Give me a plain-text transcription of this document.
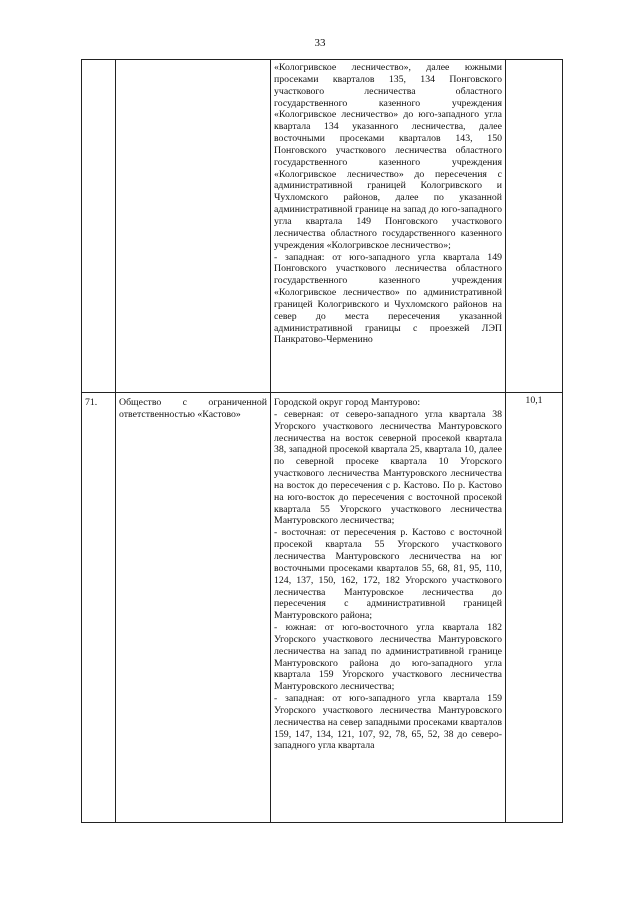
33

		«Кологривское лесничество», далее южными просеками кварталов 135, 134 Понговского участкового лесничества областного государственного казенного учреждения «Кологривское лесничество» до юго-западного угла квартала 134 указанного лесничества, далее восточными просеками кварталов 143, 150 Понговского участкового лесничества областного государственного казенного учреждения «Кологривское лесничество» до пересечения с административной границей Кологривского и Чухломского районов, далее по указанной административной границе на запад до юго-западного угла квартала 149 Понговского участкового лесничества областного государственного казенного учреждения «Кологривское лесничество»;

- западная: от юго-западного угла квартала 149 Понговского участкового лесничества областного государственного казенного учреждения «Кологривское лесничество» по административной границей Кологривского и Чухломского районов на север до места пересечения указанной административной границы с проезжей ЛЭП Панкратово-Черменино	

71.	Общество с ограниченной ответственностью «Кастово»	Городской округ город Мантурово:

- северная: от северо-западного угла квартала 38 Угорского участкового лесничества Мантуровского лесничества на восток северной просекой квартала 38, западной просекой квартала 25, квартала 10, далее по северной просеке квартала 10 Угорского участкового лесничества Мантуровского лесничества на восток до пересечения с р. Кастово. По р. Кастово на юго-восток до пересечения с восточной просекой квартала 55 Угорского участкового лесничества Мантуровского лесничества;

- восточная: от пересечения р. Кастово с восточной просекой квартала 55 Угорского участкового лесничества Мантуровского лесничества на юг восточными просеками кварталов 55, 68, 81, 95, 110, 124, 137, 150, 162, 172, 182 Угорского участкового лесничества Мантуровское лесничества до пересечения с административной границей Мантуровского района;

- южная: от юго-восточного угла квартала 182 Угорского участкового лесничества Мантуровского лесничества на запад по административной границе Мантуровского района до юго-западного угла квартала 159 Угорского участкового лесничества Мантуровского лесничества;

- западная: от юго-западного угла квартала 159 Угорского участкового лесничества Мантуровского лесничества на север западными просеками кварталов 159, 147, 134, 121, 107, 92, 78, 65, 52, 38 до северо-западного угла квартала	10,1
